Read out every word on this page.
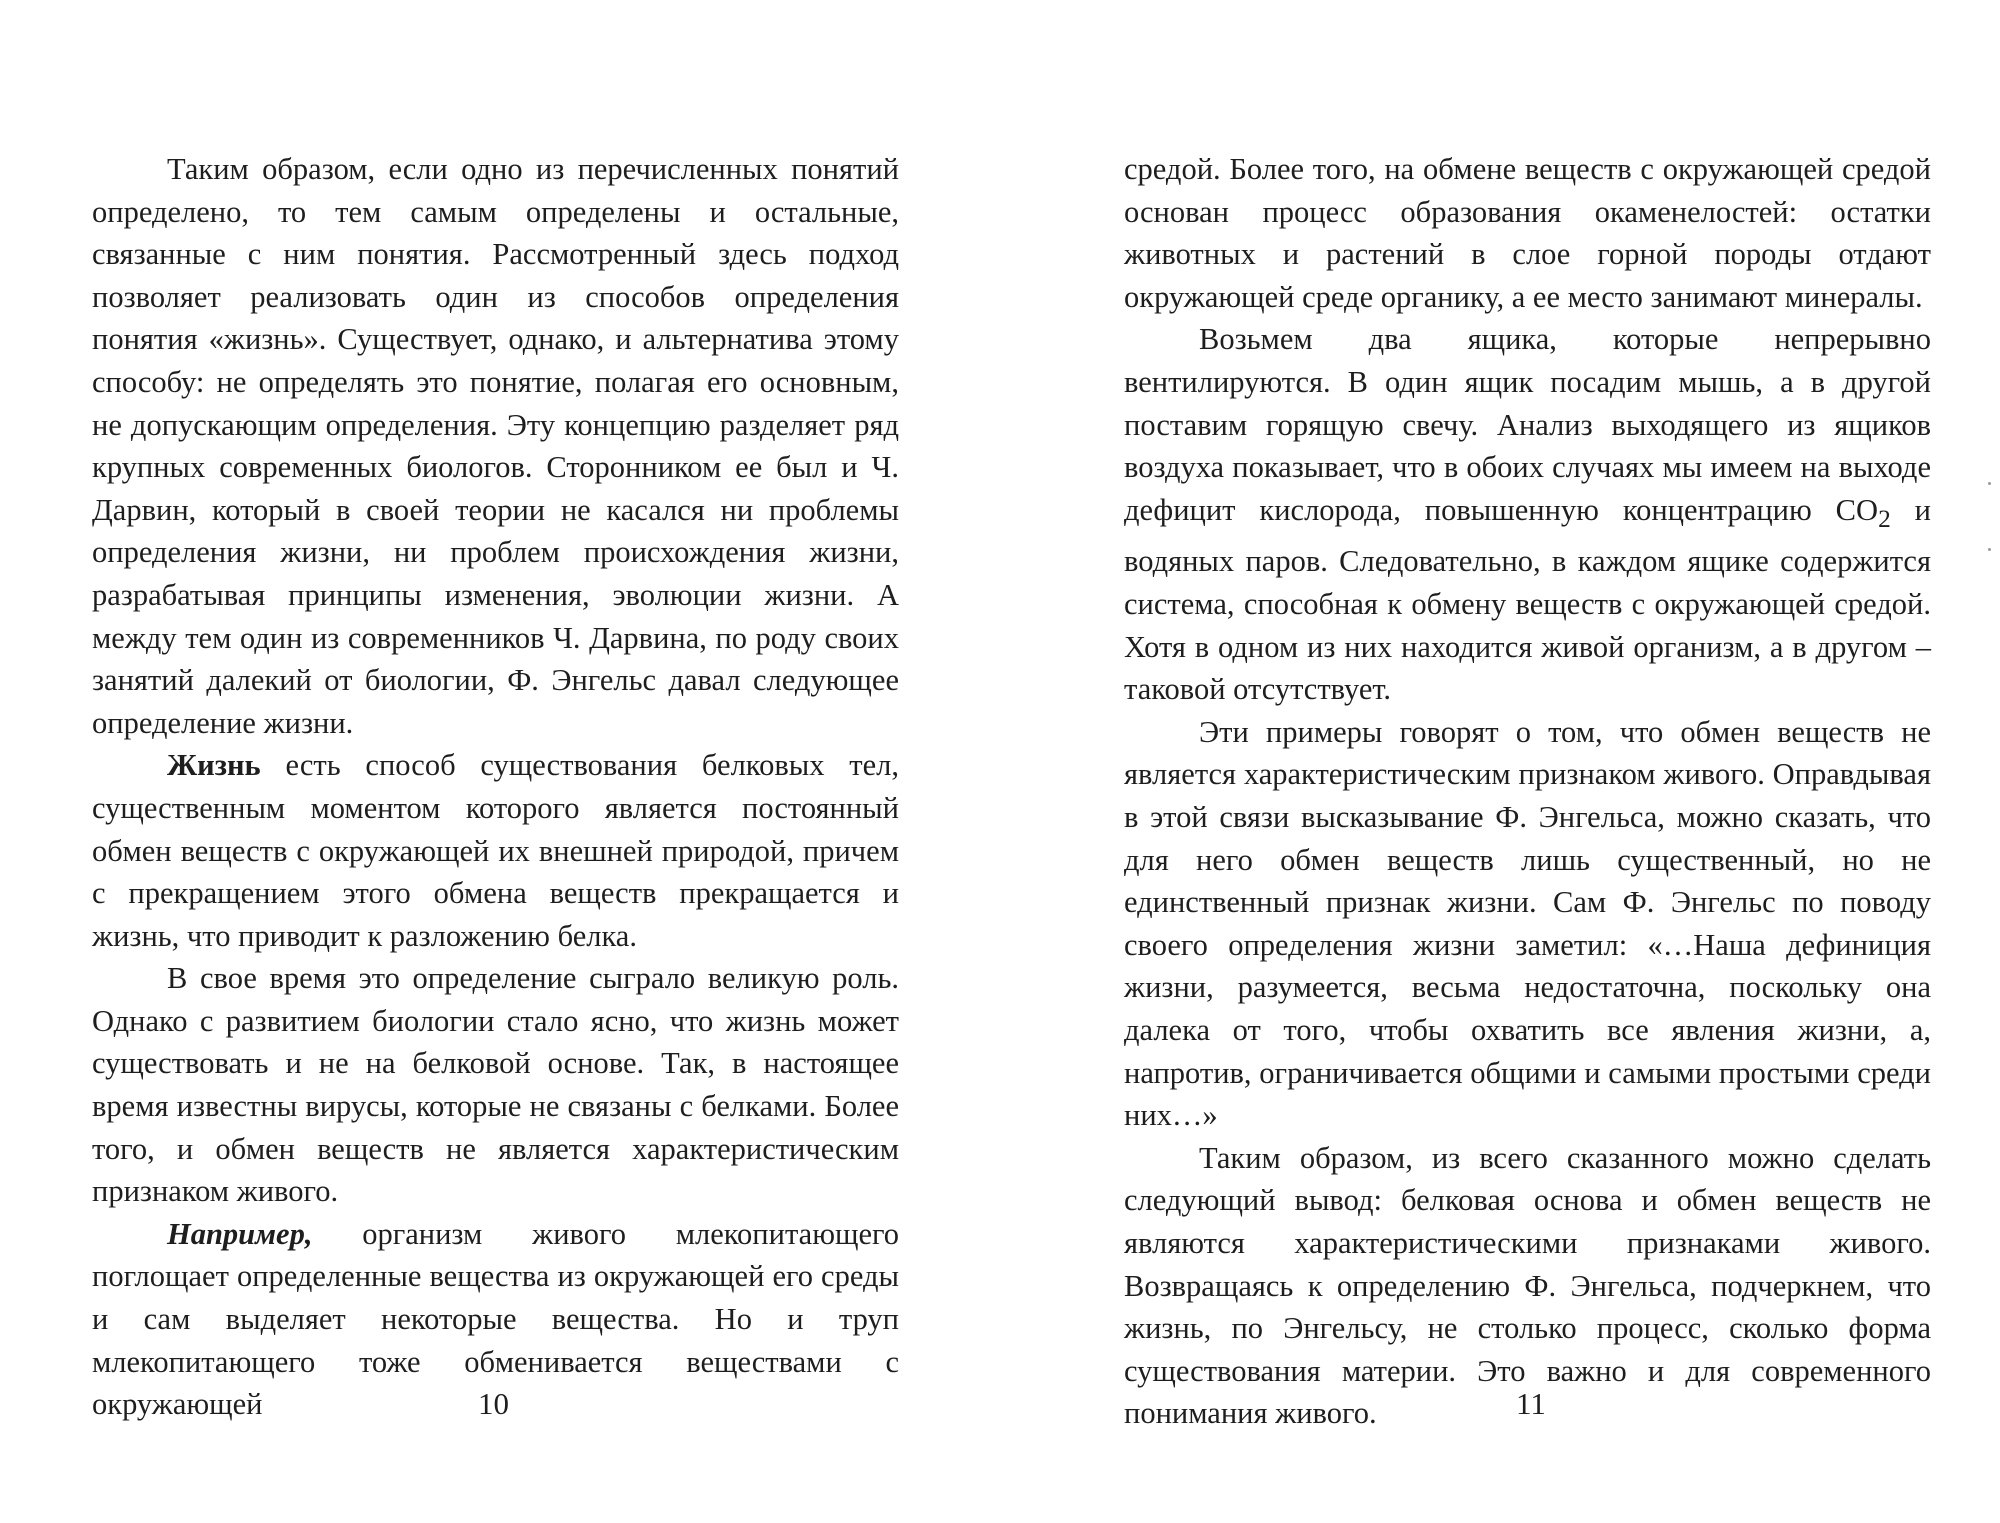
Таким образом, если одно из перечисленных понятий определено, то тем самым определены и остальные, связанные с ним понятия. Рассмотренный здесь подход позволяет реализовать один из способов определения понятия «жизнь». Существует, однако, и альтернатива этому способу: не определять это понятие, полагая его основным, не допускающим определения. Эту концепцию разделяет ряд крупных современных биологов. Сторонником ее был и Ч. Дарвин, который в своей теории не касался ни проблемы определения жизни, ни проблем происхождения жизни, разрабатывая принципы изменения, эволюции жизни. А между тем один из современников Ч. Дарвина, по роду своих занятий далекий от биологии, Ф. Энгельс давал следующее определение жизни.

Жизнь есть способ существования белковых тел, существенным моментом которого является постоянный обмен веществ с окружающей их внешней природой, причем с прекращением этого обмена веществ прекращается и жизнь, что приводит к разложению белка.

В свое время это определение сыграло великую роль. Однако с развитием биологии стало ясно, что жизнь может существовать и не на белковой основе. Так, в настоящее время известны вирусы, которые не связаны с белками. Более того, и обмен веществ не является характеристическим признаком живого.

Например, организм живого млекопитающего поглощает определенные вещества из окружающей его среды и сам выделяет некоторые вещества. Но и труп млекопитающего тоже обменивается веществами с окружающей	10

средой. Более того, на обмене веществ с окружающей средой основан процесс образования окаменелостей: остатки животных и растений в слое горной породы отдают окружающей среде органику, а ее место занимают минералы.

Возьмем два ящика, которые непрерывно вентилируются. В один ящик посадим мышь, а в другой поставим горящую свечу. Анализ выходящего из ящиков воздуха показывает, что в обоих случаях мы имеем на выходе дефицит кислорода, повышенную концентрацию $СО_2$ и водяных паров. Следовательно, в каждом ящике содержится система, способная к обмену веществ с окружающей средой. Хотя в одном из них находится живой организм, а в другом – таковой отсутствует.

Эти примеры говорят о том, что обмен веществ не является характеристическим признаком живого. Оправдывая в этой связи высказывание Ф. Энгельса, можно сказать, что для него обмен веществ лишь существенный, но не единственный признак жизни. Сам Ф. Энгельс по поводу своего определения жизни заметил: «…Наша дефиниция жизни, разумеется, весьма недостаточна, поскольку она далека от того, чтобы охватить все явления жизни, а, напротив, ограничивается общими и самыми простыми среди них…»

Таким образом, из всего сказанного можно сделать следующий вывод: белковая основа и обмен веществ не являются характеристическими признаками живого. Возвращаясь к определению Ф. Энгельса, подчеркнем, что жизнь, по Энгельсу, не столько процесс, сколько форма существования материи. Это важно и для современного понимания живого.	11
